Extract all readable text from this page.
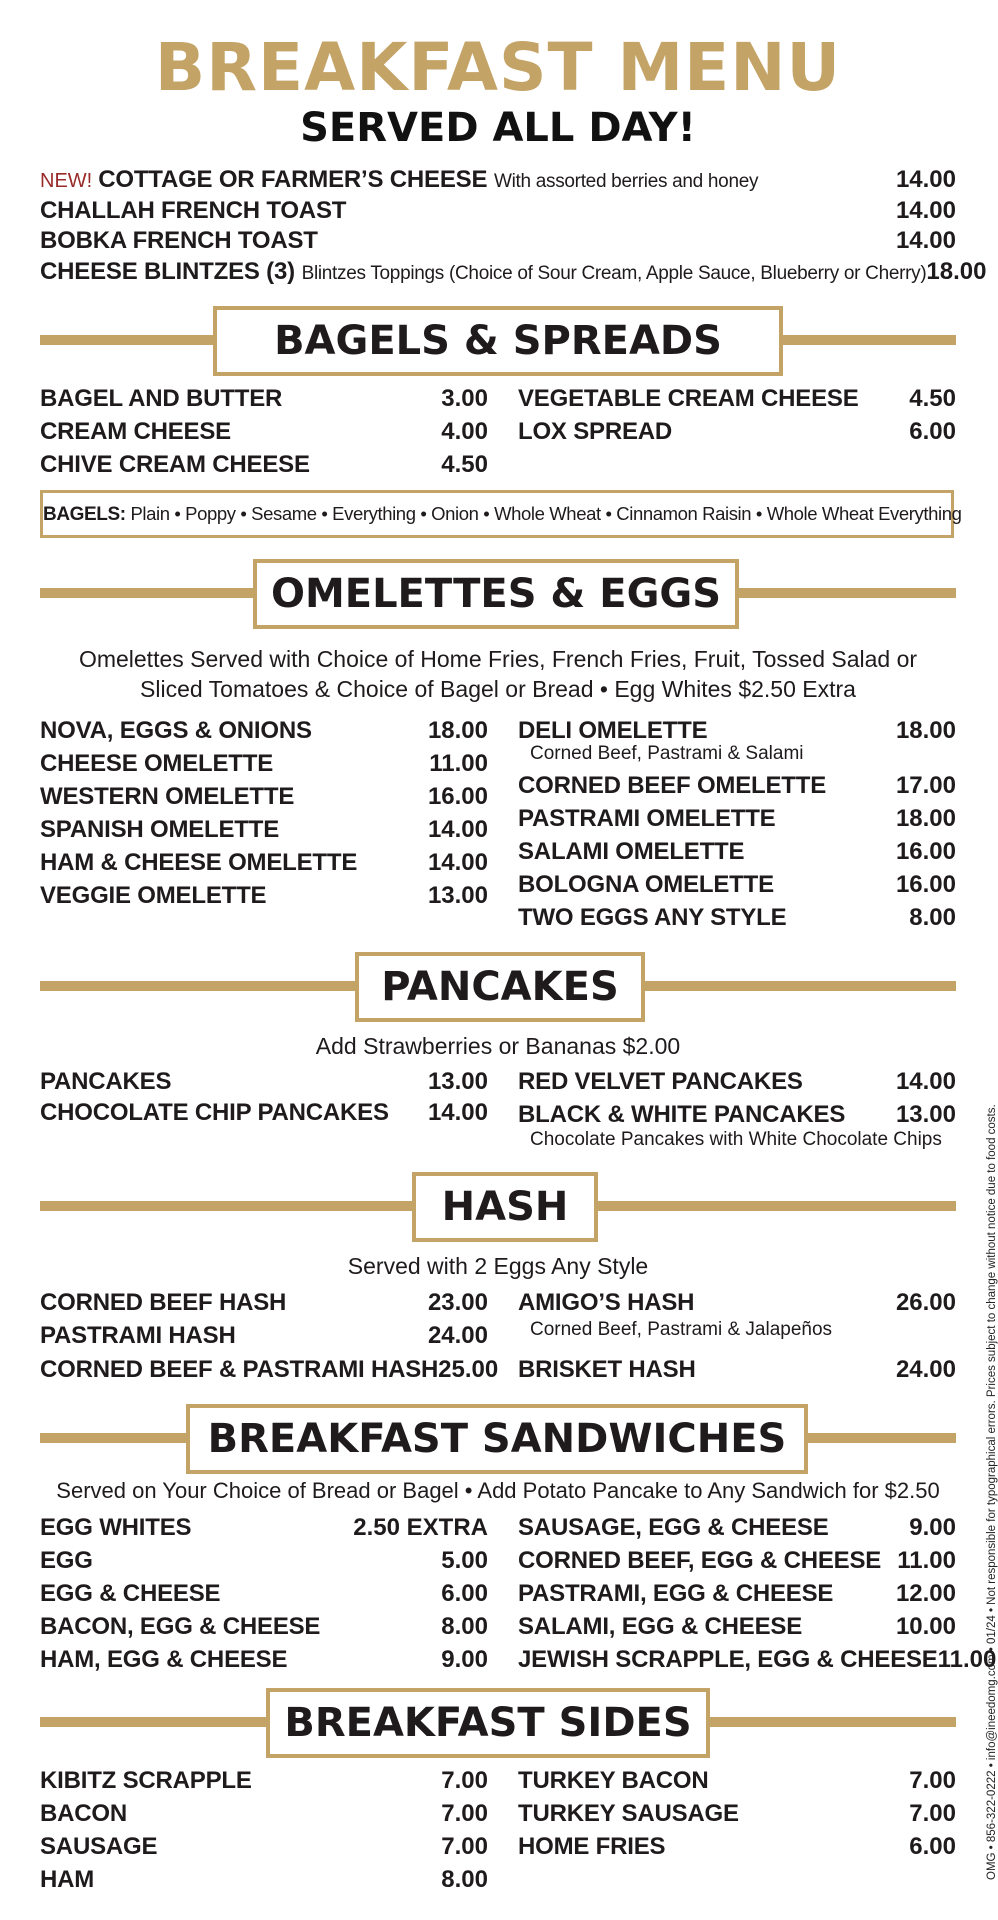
BREAKFAST MENU
SERVED ALL DAY!
NEW! COTTAGE OR FARMER’S CHEESE With assorted berries and honey	14.00
CHALLAH FRENCH TOAST	14.00
BOBKA FRENCH TOAST	14.00
CHEESE BLINTZES (3) Blintzes Toppings (Choice of Sour Cream, Apple Sauce, Blueberry or Cherry) 18.00
BAGELS & SPREADS
BAGEL AND BUTTER	3.00
CREAM CHEESE	4.00
CHIVE CREAM CHEESE	4.50
VEGETABLE CREAM CHEESE 4.50
LOX SPREAD	6.00
BAGELS: Plain • Poppy • Sesame • Everything • Onion • Whole Wheat • Cinnamon Raisin • Whole Wheat Everything
OMELETTES & EGGS
Omelettes Served with Choice of Home Fries, French Fries, Fruit, Tossed Salad or
Sliced Tomatoes & Choice of Bagel or Bread • Egg Whites $2.50 Extra
NOVA, EGGS & ONIONS	18.00
CHEESE OMELETTE	11.00
WESTERN OMELETTE	16.00
SPANISH OMELETTE	14.00
HAM & CHEESE OMELETTE	14.00
VEGGIE OMELETTE	13.00
DELI OMELETTE	18.00
Corned Beef, Pastrami & Salami
CORNED BEEF OMELETTE	17.00
PASTRAMI OMELETTE	18.00
SALAMI OMELETTE	16.00
BOLOGNA OMELETTE	16.00
TWO EGGS ANY STYLE	8.00
PANCAKES
Add Strawberries or Bananas $2.00
PANCAKES	13.00
CHOCOLATE CHIP PANCAKES 14.00
RED VELVET PANCAKES	14.00
BLACK & WHITE PANCAKES 13.00
Chocolate Pancakes with White Chocolate Chips
HASH
Served with 2 Eggs Any Style
CORNED BEEF HASH	23.00
PASTRAMI HASH	24.00
CORNED BEEF & PASTRAMI HASH 25.00
AMIGO’S HASH	26.00
Corned Beef, Pastrami & Jalapeños
BRISKET HASH	24.00
BREAKFAST SANDWICHES
Served on Your Choice of Bread or Bagel • Add Potato Pancake to Any Sandwich for $2.50
EGG WHITES	2.50 EXTRA
EGG	5.00
EGG & CHEESE	6.00
BACON, EGG & CHEESE	8.00
HAM, EGG & CHEESE	9.00
SAUSAGE, EGG & CHEESE	9.00
CORNED BEEF, EGG & CHEESE 11.00
PASTRAMI, EGG & CHEESE	12.00
SALAMI, EGG & CHEESE	10.00
JEWISH SCRAPPLE, EGG & CHEESE 11.00
BREAKFAST SIDES
KIBITZ SCRAPPLE	7.00
BACON	7.00
SAUSAGE	7.00
HAM	8.00
TURKEY BACON	7.00
TURKEY SAUSAGE	7.00
HOME FRIES	6.00	OMG • 856-322-0222 • info@ineedomg.com • 01/24 • Not responsible for typographical errors. Prices subject to change without notice due to food costs.
